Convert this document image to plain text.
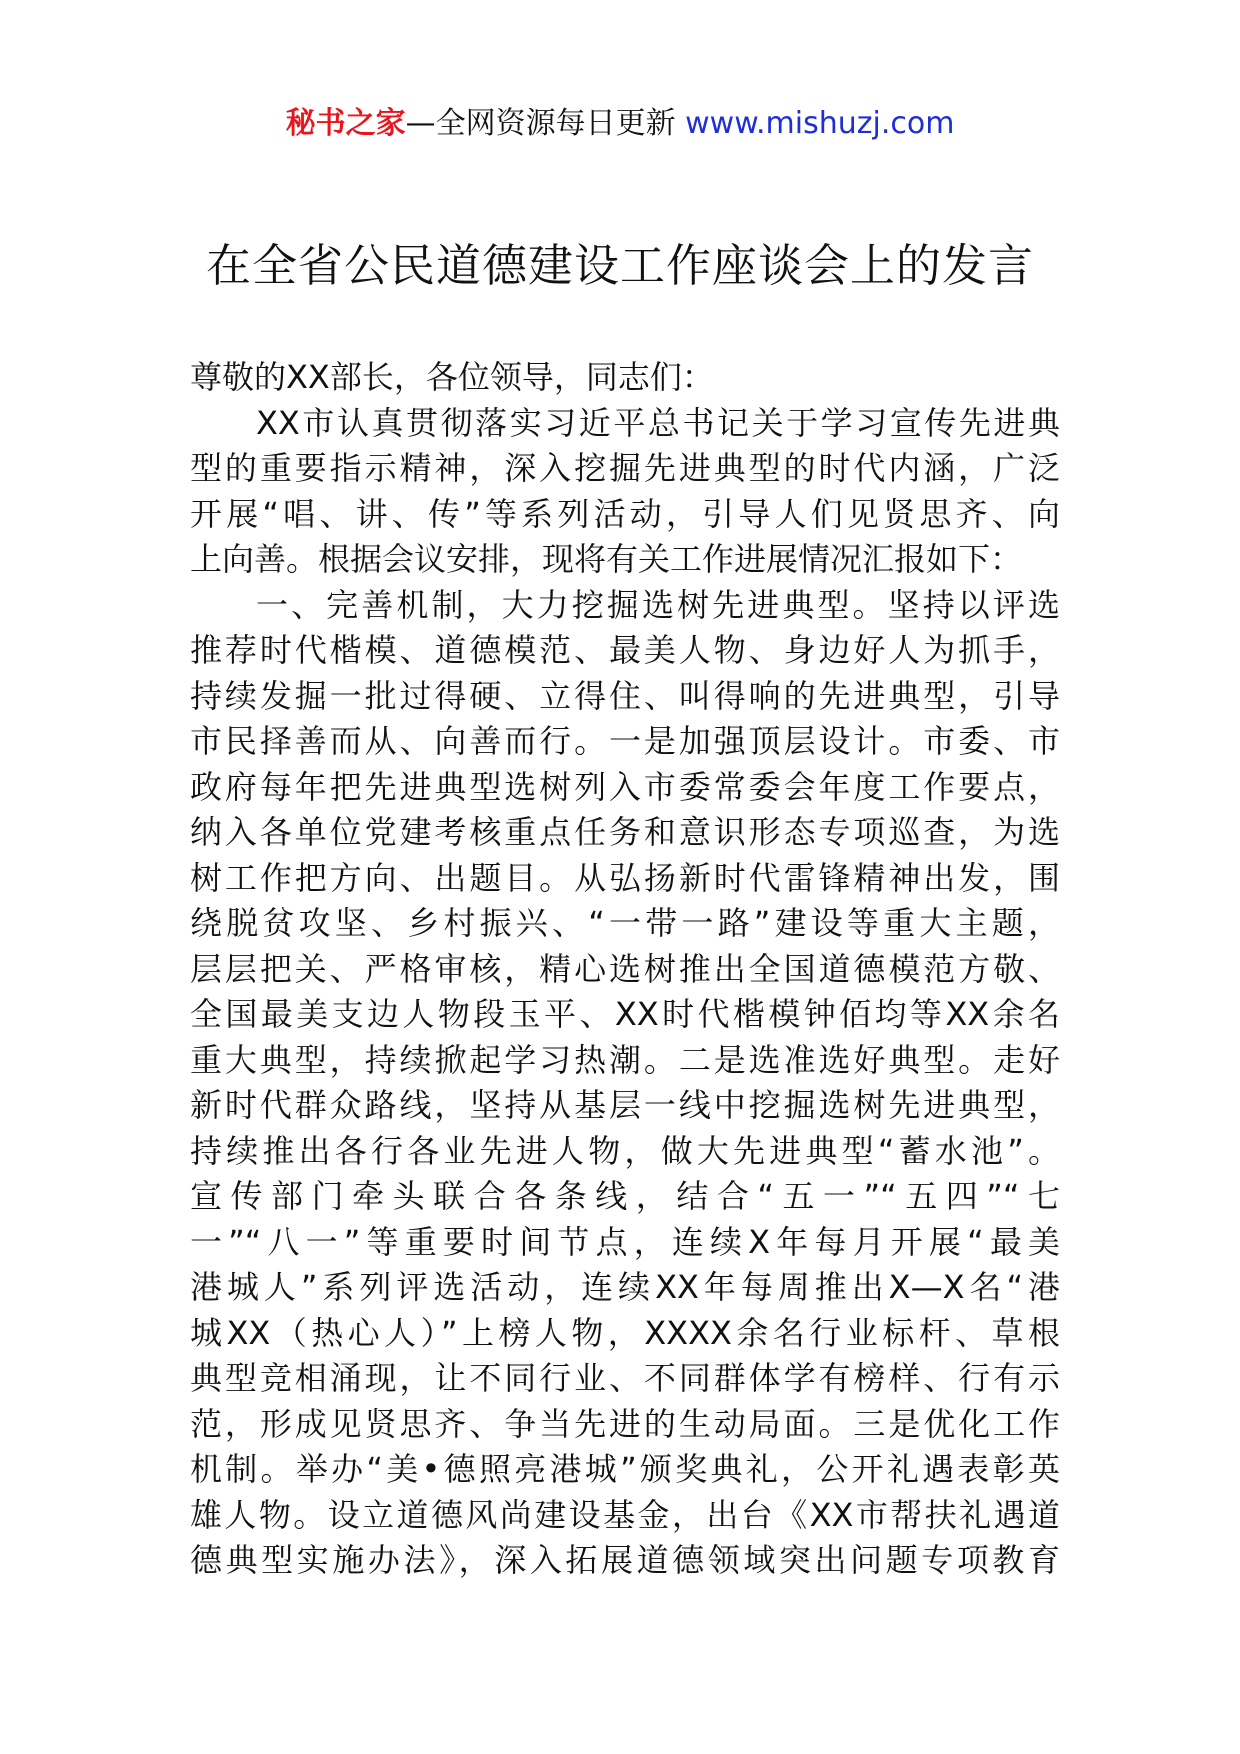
秘书之家—全网资源每日更新 www.mishuzj.com
在全省公民道德建设工作座谈会上的发言
尊敬的XX部长，各位领导，同志们：
XX市认真贯彻落实习近平总书记关于学习宣传先进典
型的重要指示精神，深入挖掘先进典型的时代内涵，广泛
开展“唱、讲、传”等系列活动，引导人们见贤思齐、向
上向善。根据会议安排，现将有关工作进展情况汇报如下：
一、完善机制，大力挖掘选树先进典型。坚持以评选
推荐时代楷模、道德模范、最美人物、身边好人为抓手，
持续发掘一批过得硬、立得住、叫得响的先进典型，引导
市民择善而从、向善而行。一是加强顶层设计。市委、市
政府每年把先进典型选树列入市委常委会年度工作要点，
纳入各单位党建考核重点任务和意识形态专项巡查，为选
树工作把方向、出题目。从弘扬新时代雷锋精神出发，围
绕脱贫攻坚、乡村振兴、“一带一路”建设等重大主题，
层层把关、严格审核，精心选树推出全国道德模范方敬、
全国最美支边人物段玉平、XX时代楷模钟佰均等XX余名
重大典型，持续掀起学习热潮。二是选准选好典型。走好
新时代群众路线，坚持从基层一线中挖掘选树先进典型，
持续推出各行各业先进人物，做大先进典型“蓄水池”。
宣传部门牵头联合各条线，结合“五一”“五四”“七
一”“八一”等重要时间节点，连续X年每月开展“最美
港城人”系列评选活动，连续XX年每周推出X—X名“港
城XX（热心人）”上榜人物，XXXX余名行业标杆、草根
典型竞相涌现，让不同行业、不同群体学有榜样、行有示
范，形成见贤思齐、争当先进的生动局面。三是优化工作
机制。举办“美•德照亮港城”颁奖典礼，公开礼遇表彰英
雄人物。设立道德风尚建设基金，出台《XX市帮扶礼遇道
德典型实施办法》，深入拓展道德领域突出问题专项教育
